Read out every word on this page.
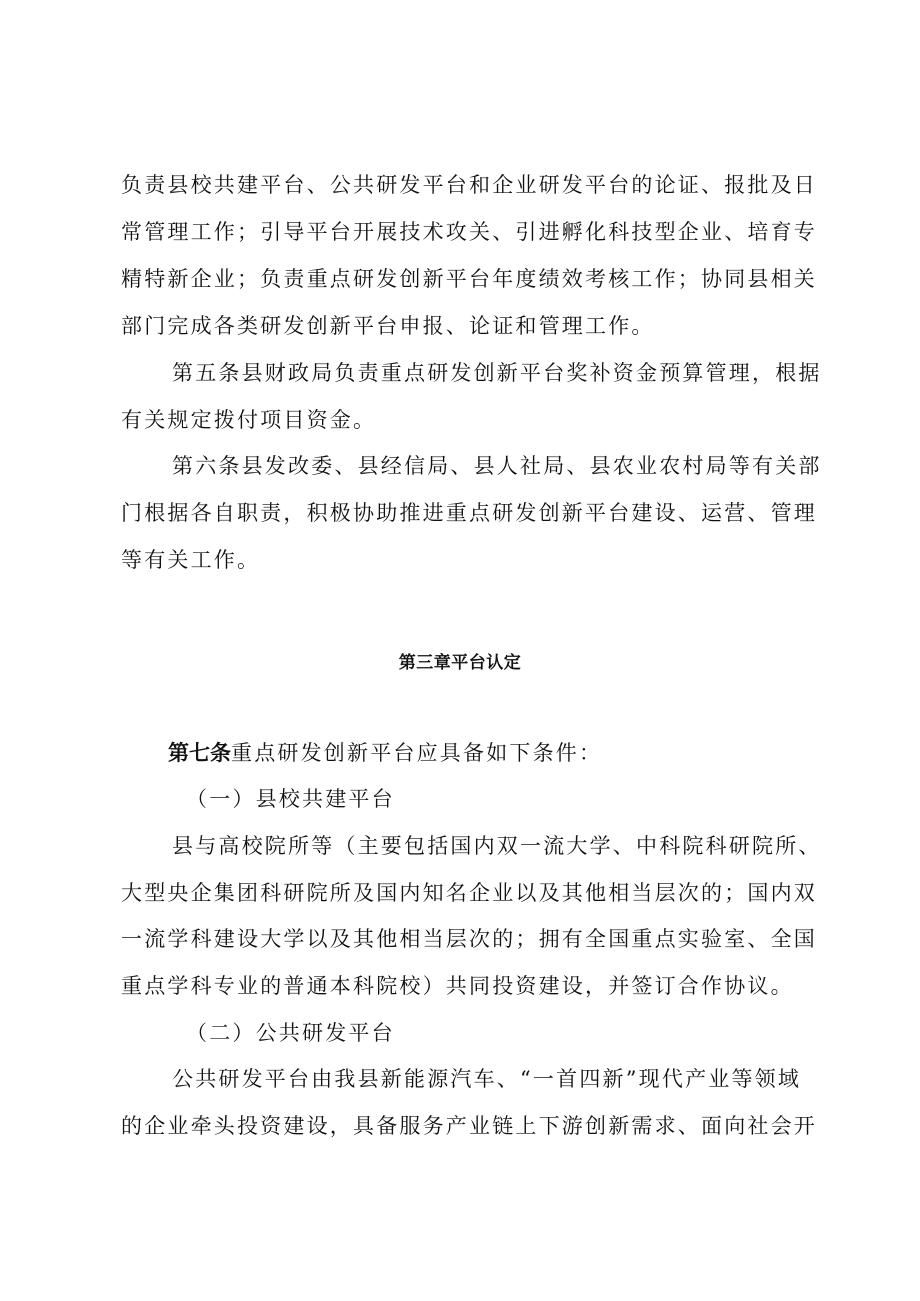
负责县校共建平台、公共研发平台和企业研发平台的论证、报批及日
常管理工作；引导平台开展技术攻关、引进孵化科技型企业、培育专
精特新企业；负责重点研发创新平台年度绩效考核工作；协同县相关
部门完成各类研发创新平台申报、论证和管理工作。
第五条县财政局负责重点研发创新平台奖补资金预算管理，根据
有关规定拨付项目资金。
第六条县发改委、县经信局、县人社局、县农业农村局等有关部
门根据各自职责，积极协助推进重点研发创新平台建设、运营、管理
等有关工作。
第三章平台认定
第七条重点研发创新平台应具备如下条件：
（一）县校共建平台
县与高校院所等（主要包括国内双一流大学、中科院科研院所、
大型央企集团科研院所及国内知名企业以及其他相当层次的；国内双
一流学科建设大学以及其他相当层次的；拥有全国重点实验室、全国
重点学科专业的普通本科院校）共同投资建设，并签订合作协议。
（二）公共研发平台
公共研发平台由我县新能源汽车、“一首四新”现代产业等领域
的企业牵头投资建设，具备服务产业链上下游创新需求、面向社会开
